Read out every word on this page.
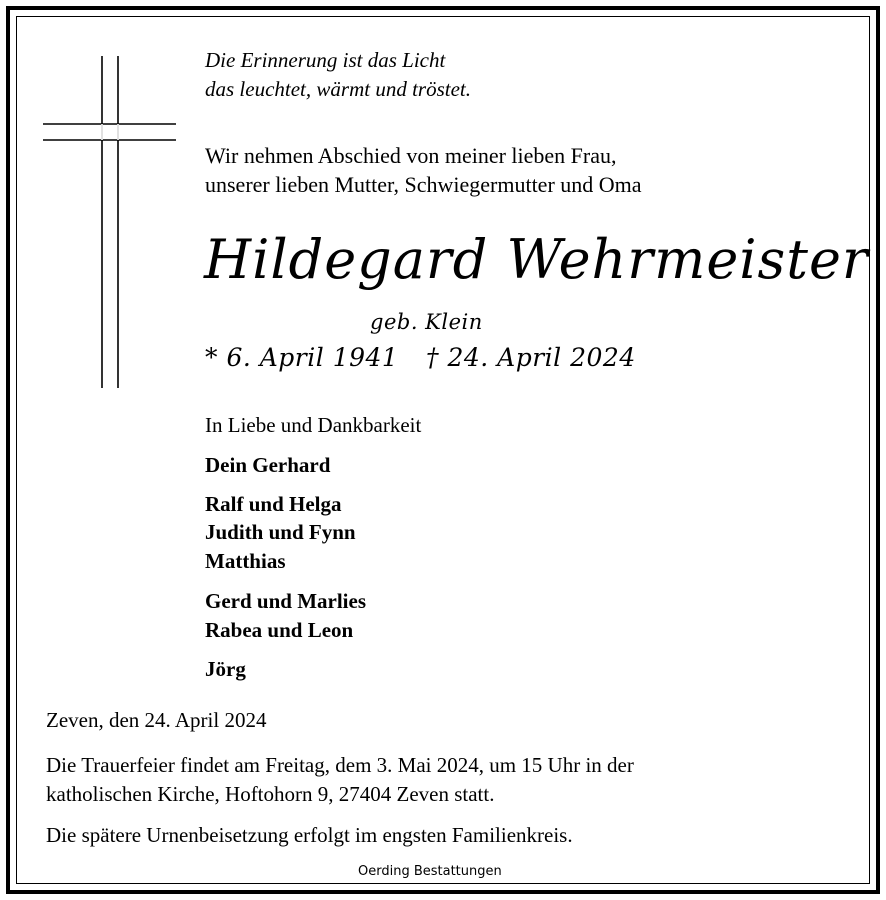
Die Erinnerung ist das Licht

das leuchtet, wärmt und tröstet.

Wir nehmen Abschied von meiner lieben Frau,

unserer lieben Mutter, Schwiegermutter und Oma

Hildegard Wehrmeister

geb. Klein

* 6. April 1941 † 24. April 2024

In Liebe und Dankbarkeit

Dein Gerhard

Ralf und Helga

Judith und Fynn

Matthias

Gerd und Marlies

Rabea und Leon

Jörg

Zeven, den 24. April 2024

Die Trauerfeier findet am Freitag, dem 3. Mai 2024, um 15 Uhr in der

katholischen Kirche, Hoftohorn 9, 27404 Zeven statt.

Die spätere Urnenbeisetzung erfolgt im engsten Familienkreis.

Oerding Bestattungen
